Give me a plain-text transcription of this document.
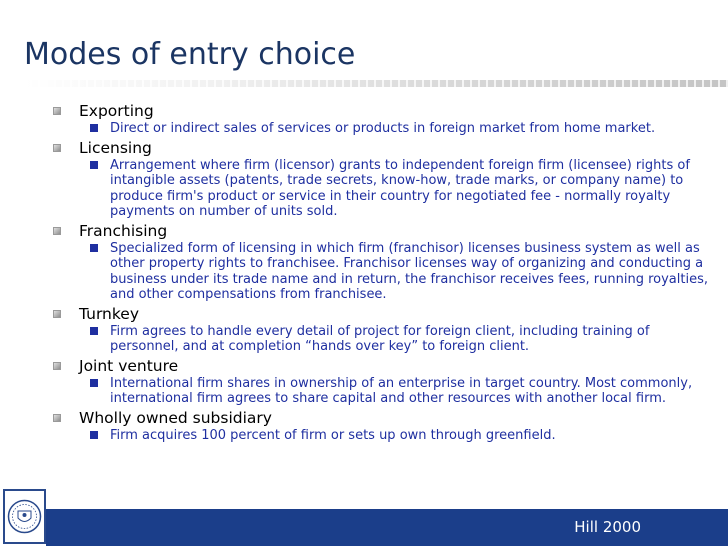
Modes of entry choice
Exporting
Direct or indirect sales of services or products in foreign market from home market.
Licensing
Arrangement where firm (licensor) grants to independent foreign firm (licensee) rights of intangible assets (patents, trade secrets, know-how, trade marks, or company name) to produce firm's product or service in their country for negotiated fee - normally royalty payments on number of units sold.
Franchising
Specialized form of licensing in which firm (franchisor) licenses business system as well as other property rights to franchisee. Franchisor licenses way of organizing and conducting a business under its trade name and in return, the franchisor receives fees, running royalties, and other compensations from franchisee.
Turnkey
Firm agrees to handle every detail of project for foreign client, including training of personnel, and at completion “hands over key” to foreign client.
Joint venture
International firm shares in ownership of an enterprise in target country. Most commonly, international firm agrees to share capital and other resources with another local firm.
Wholly owned subsidiary
Firm acquires 100 percent of firm or sets up own through greenfield.
Hill 2000
